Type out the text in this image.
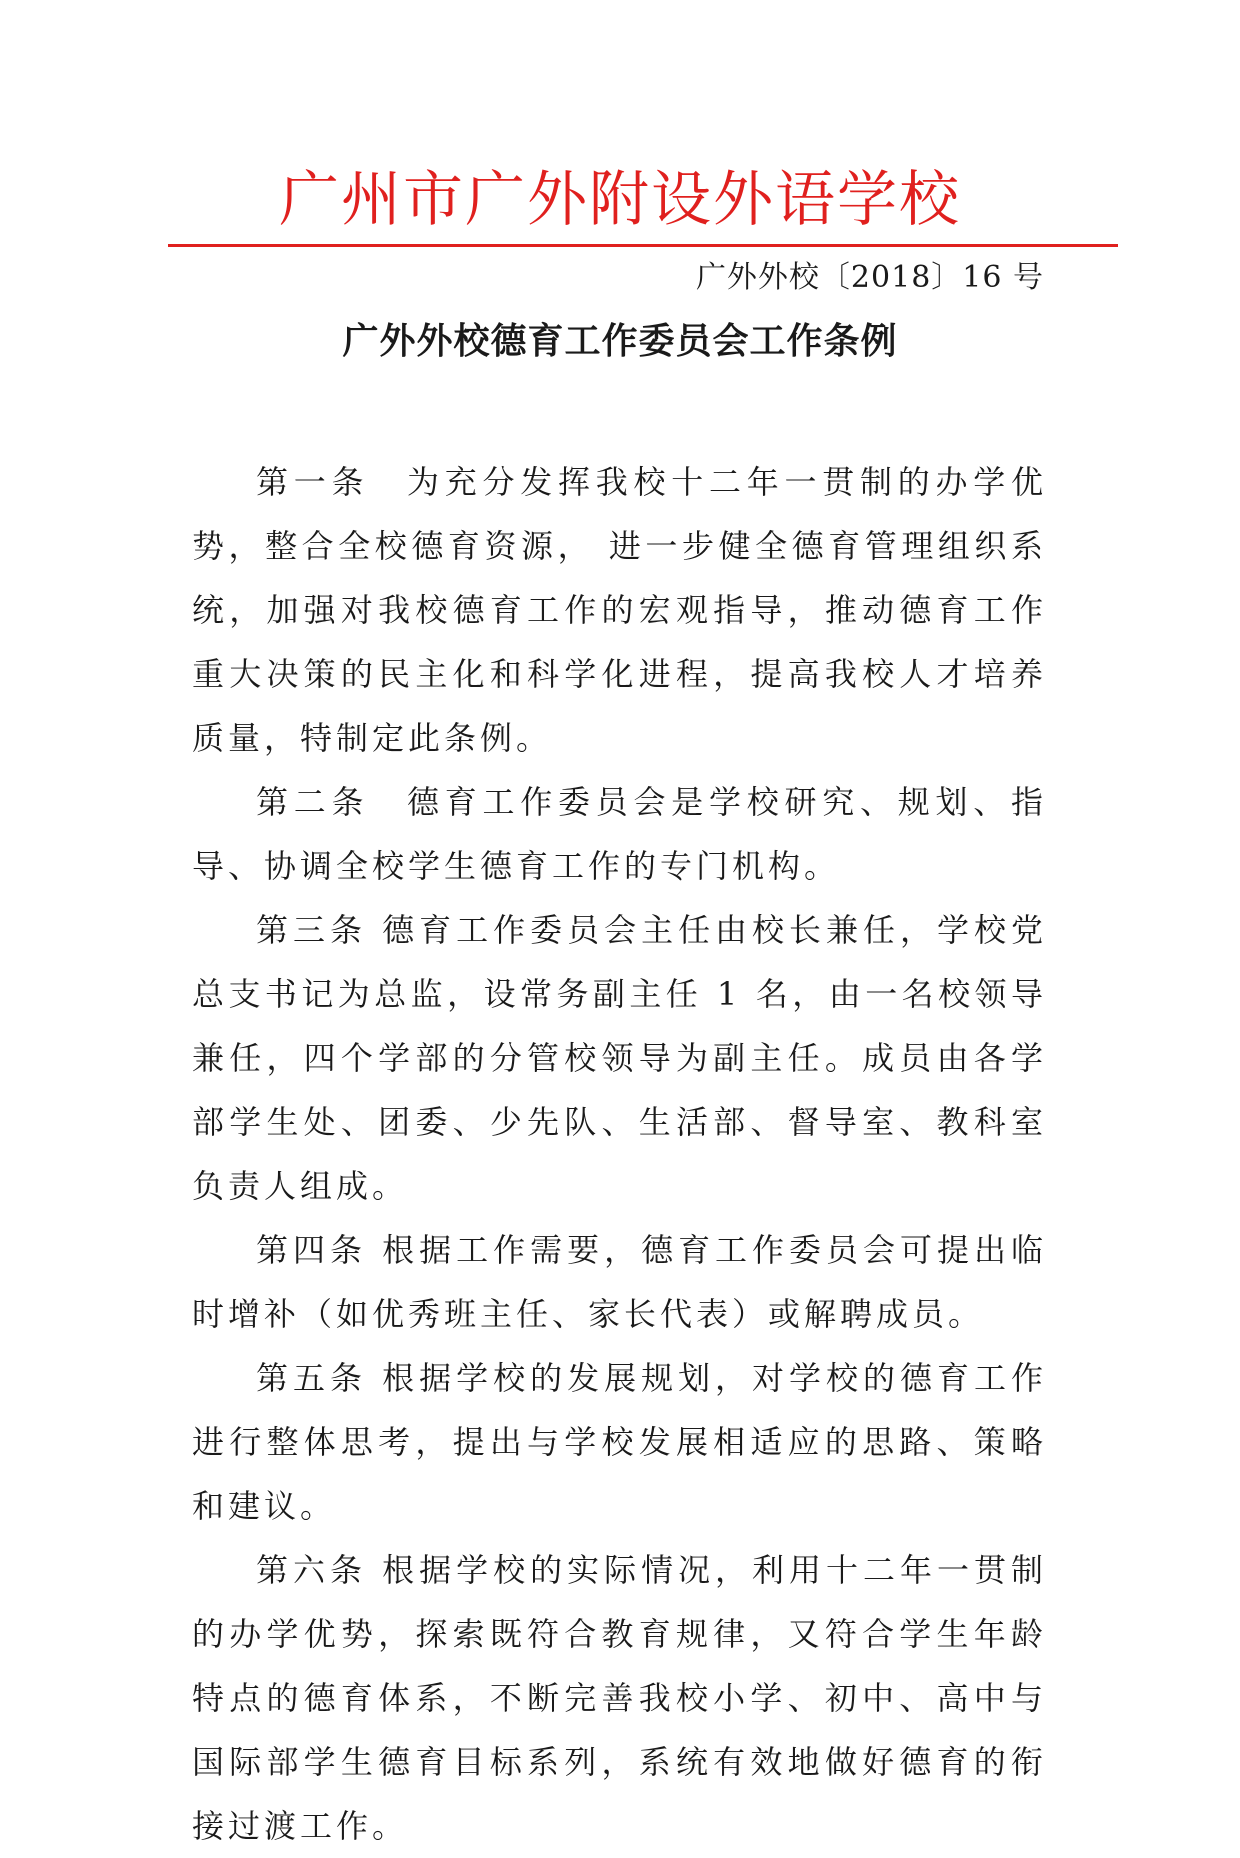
广州市广外附设外语学校
广外外校〔2018〕16 号
广外外校德育工作委员会工作条例

第一条　为充分发挥我校十二年一贯制的办学优势，整合全校德育资源， 进一步健全德育管理组织系统，加强对我校德育工作的宏观指导，推动德育工作重大决策的民主化和科学化进程，提高我校人才培养质量，特制定此条例。

第二条　德育工作委员会是学校研究、规划、指导、协调全校学生德育工作的专门机构。

第三条 德育工作委员会主任由校长兼任，学校党总支书记为总监，设常务副主任 1 名，由一名校领导兼任，四个学部的分管校领导为副主任。成员由各学部学生处、团委、少先队、生活部、督导室、教科室负责人组成。

第四条 根据工作需要，德育工作委员会可提出临时增补（如优秀班主任、家长代表）或解聘成员。

第五条 根据学校的发展规划，对学校的德育工作进行整体思考，提出与学校发展相适应的思路、策略和建议。

第六条 根据学校的实际情况，利用十二年一贯制的办学优势，探索既符合教育规律，又符合学生年龄特点的德育体系，不断完善我校小学、初中、高中与国际部学生德育目标系列，系统有效地做好德育的衔接过渡工作。
